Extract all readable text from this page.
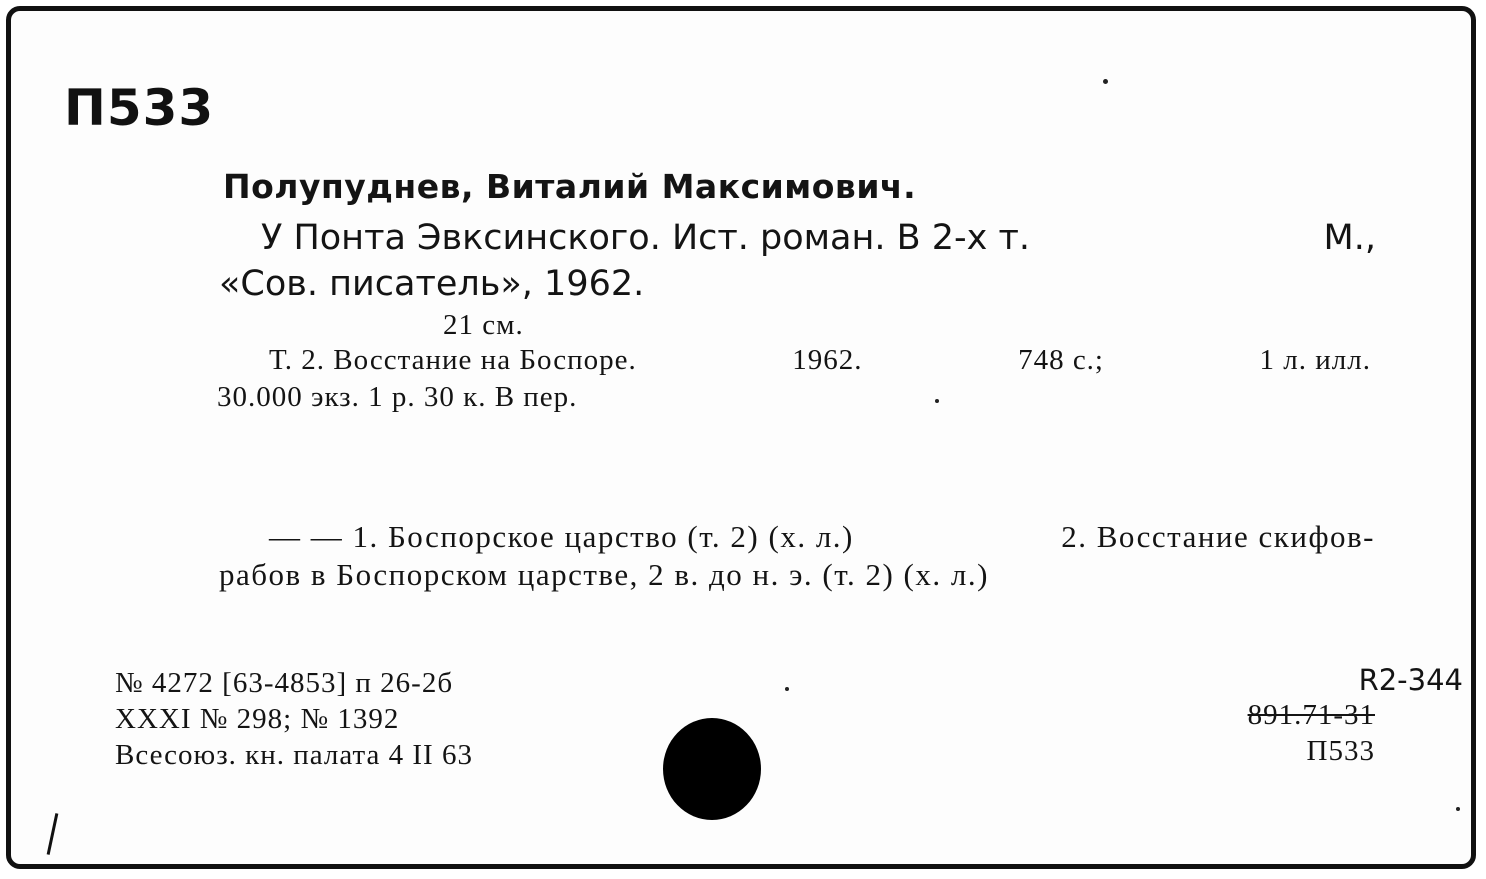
П533
Полупуднев, Виталий Максимович.
У Понта Эвксинского. Ист. роман. В 2-х т.	М.,
«Сов. писатель», 1962.
21 см.
Т. 2. Восстание на Боспоре.	1962.	748 с.;	1 л. илл.
30.000 экз. 1 р. 30 к. В пер.
— — 1. Боспорское царство (т. 2) (х. л.)	2. Восстание скифов-
рабов в Боспорском царстве, 2 в. до н. э. (т. 2) (х. л.)
№ 4272 [63-4853] п 26-2б
XXXI № 298; № 1392
Всесоюз. кн. палата 4 II 63
R2-344
891.71-31
П533
